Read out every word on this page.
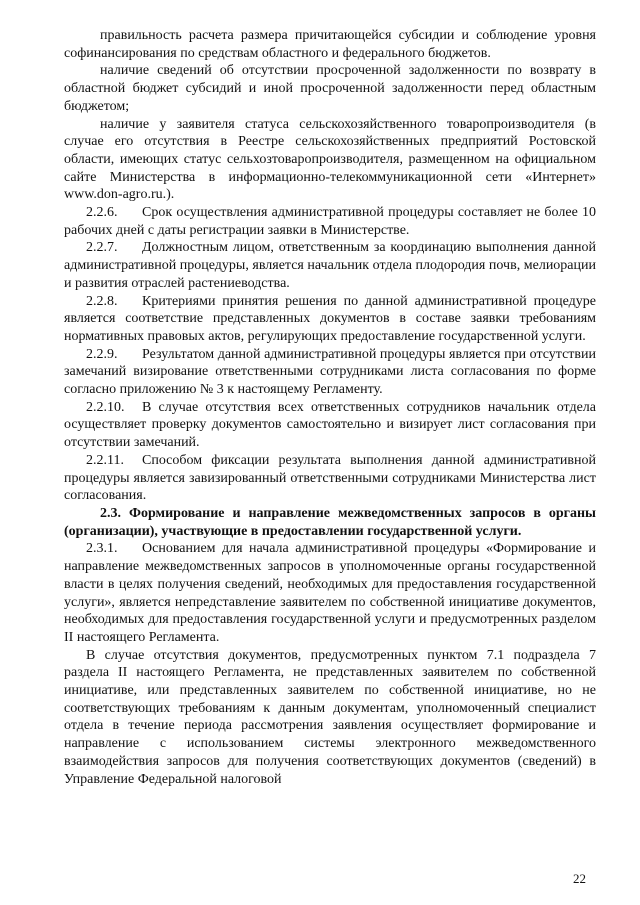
правильность расчета размера причитающейся субсидии и соблюдение уровня софинансирования по средствам областного и федерального бюджетов.

наличие сведений об отсутствии просроченной задолженности по возврату в областной бюджет субсидий и иной просроченной задолженности перед областным бюджетом;

наличие у заявителя статуса сельскохозяйственного товаропроизводителя (в случае его отсутствия в Реестре сельскохозяйственных предприятий Ростовской области, имеющих статус сельхозтоваропроизводителя, размещенном на официальном сайте Министерства в информационно-телекоммуникационной сети «Интернет» www.don-agro.ru.).

2.2.6. Срок осуществления административной процедуры составляет не более 10 рабочих дней с даты регистрации заявки в Министерстве.

2.2.7. Должностным лицом, ответственным за координацию выполнения данной административной процедуры, является начальник отдела плодородия почв, мелиорации и развития отраслей растениеводства.

2.2.8. Критериями принятия решения по данной административной процедуре является соответствие представленных документов в составе заявки требованиям нормативных правовых актов, регулирующих предоставление государственной услуги.

2.2.9. Результатом данной административной процедуры является при отсутствии замечаний визирование ответственными сотрудниками листа согласования по форме согласно приложению № 3 к настоящему Регламенту.

2.2.10. В случае отсутствия всех ответственных сотрудников начальник отдела осуществляет проверку документов самостоятельно и визирует лист согласования при отсутствии замечаний.

2.2.11. Способом фиксации результата выполнения данной административной процедуры является завизированный ответственными сотрудниками Министерства лист согласования.

2.3. Формирование и направление межведомственных запросов в органы (организации), участвующие в предоставлении государственной услуги.

2.3.1. Основанием для начала административной процедуры «Формирование и направление межведомственных запросов в уполномоченные органы государственной власти в целях получения сведений, необходимых для предоставления государственной услуги», является непредставление заявителем по собственной инициативе документов, необходимых для предоставления государственной услуги и предусмотренных разделом II настоящего Регламента.

В случае отсутствия документов, предусмотренных пунктом 7.1 подраздела 7 раздела II настоящего Регламента, не представленных заявителем по собственной инициативе, или представленных заявителем по собственной инициативе, но не соответствующих требованиям к данным документам, уполномоченный специалист отдела в течение периода рассмотрения заявления осуществляет формирование и направление с использованием системы электронного межведомственного взаимодействия запросов для получения соответствующих документов (сведений) в Управление Федеральной налоговой

22
